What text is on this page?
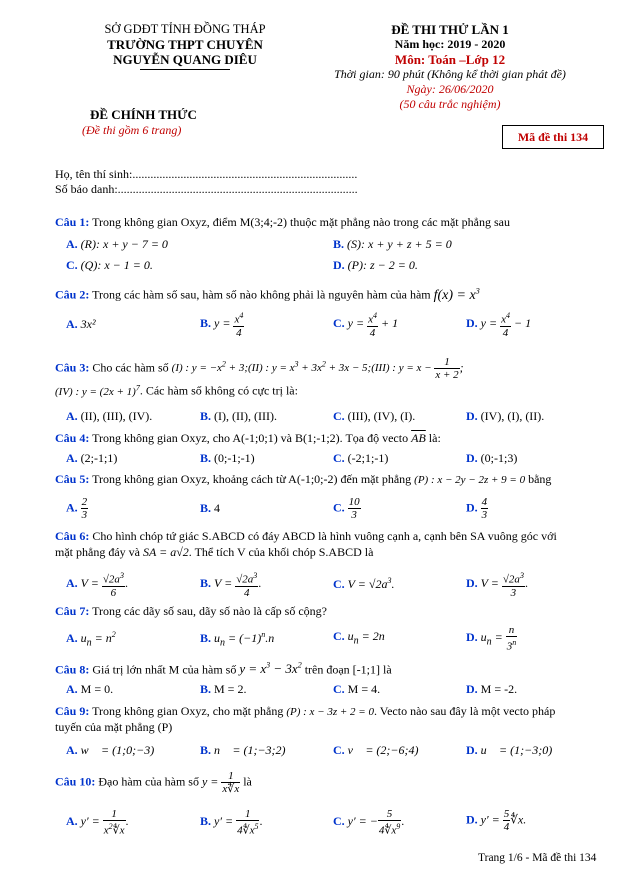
SỞ GDĐT TỈNH ĐỒNG THÁP
TRƯỜNG THPT CHUYÊN
NGUYỄN QUANG DIÊU
ĐỀ THI THỬ LẦN 1
Năm học: 2019 - 2020
Môn: Toán –Lớp 12
Thời gian: 90 phút (Không kể thời gian phát đề)
Ngày: 26/06/2020
(50 câu trắc nghiệm)
ĐỀ CHÍNH THỨC
(Đề thi gồm 6 trang)	Mã đề thi 134
Họ, tên thí sinh:...........................................................................
Số báo danh:................................................................................
Câu 1: Trong không gian Oxyz, điểm M(3;4;-2) thuộc mặt phẳng nào trong các mặt phẳng sau
A. (R): x + y − 7 = 0	B. (S): x + y + z + 5 = 0
C. (Q): x − 1 = 0.	D. (P): z − 2 = 0.
Câu 2: Trong các hàm số sau, hàm số nào không phải là nguyên hàm của hàm $f(x) = x^3$
A. 3x²	B. $y = \frac{x^4}{4}$	C. $y = \frac{x^4}{4} + 1$	D. $y = \frac{x^4}{4} - 1$
Câu 3: Cho các hàm số (I) : $y = -x^2$ + 3;(II) : $y = x^3 + 3x^2 + 3x$ − 5;(III) : $y = x - \frac{1}{x + 2}$ ;
(IV) : $y = (2x + 1)^7$. Các hàm số không có cực trị là:
A. (II), (III), (IV).	B. (I), (II), (III).	C. (III), (IV), (I).	D. (IV), (I), (II).
Câu 4: Trong không gian Oxyz, cho A(-1;0;1) và B(1;-1;2). Tọa độ vecto $\overline{AB}$ là:
A. (2;-1;1)	B. (0;-1;-1)	C. (-2;1;-1)	D. (0;-1;3)
Câu 5: Trong không gian Oxyz, khoảng cách từ A(-1;0;-2) đến mặt phẳng (P) : x − 2y − 2z + 9 = 0 bằng
A. $\frac{2}{3}$	B. 4	C. $\frac{10}{3}$	D. $\frac{4}{3}$
Câu 6: Cho hình chóp tứ giác S.ABCD có đáy ABCD là hình vuông cạnh a, cạnh bên SA vuông góc với
mặt phẳng đáy và SA = a√2. Thể tích V của khối chóp S.ABCD là
A. $V = \frac{√2a^3}{6}$ .	B. $V = \frac{√2a^3}{4}$ .	C. $V = √2a^3$.	D. $V = \frac{√2a^3}{3}$ .
Câu 7: Trong các dãy số sau, dãy số nào là cấp số cộng?
A. $u_n = n^2$	B. $u_n = (-1)^n.n$	C. $u_n = 2n$	D. $u_n = \frac{n}{3^n}$
Câu 8: Giá trị lớn nhất M của hàm số $y = x^3 - 3x^2$ trên đoạn [-1;1] là
A. M = 0.	B. M = 2.	C. M = 4.	D. M = -2.
Câu 9: Trong không gian Oxyz, cho mặt phẳng (P) : x − 3z + 2 = 0. Vecto nào sau đây là một vecto pháp
tuyến của mặt phẳng (P)
A. w⃗ = (1;0;−3)	B. n⃗ = (1;−3;2)	C. v⃗ = (2;−6;4)	D. u⃗ = (1;−3;0)
Câu 10: Đạo hàm của hàm số $y = \frac{1}{x∜x}$ là
A. $y' = \frac{1}{x^2∜x}$ .	B. $y' = \frac{1}{4∜x^5}$ .	C. y′ = − $\frac{5}{4∜x^9}$ .	D. $y' = \frac{5}{4}$ ∜x.
Trang 1/6 - Mã đề thi 134
